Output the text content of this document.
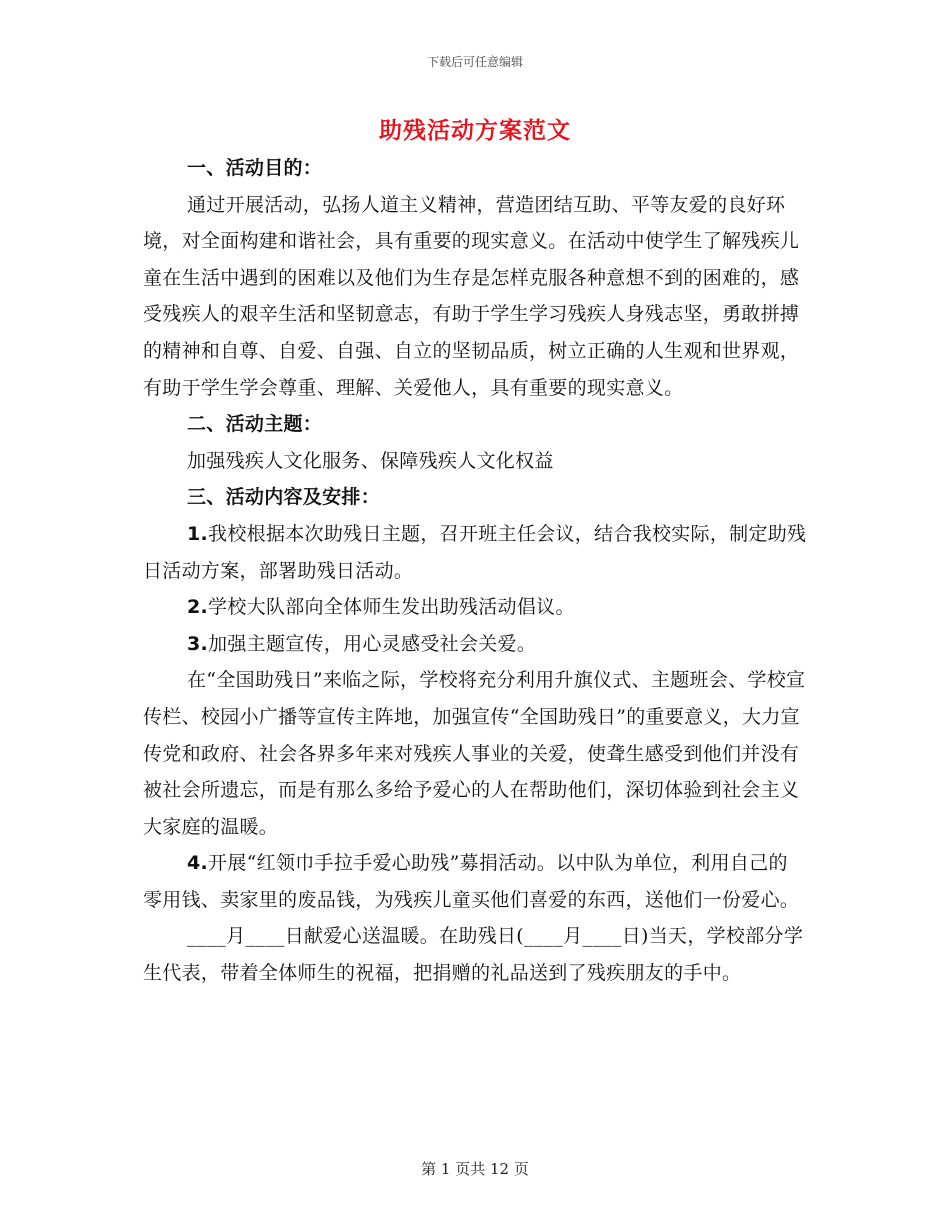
下载后可任意编辑
助残活动方案范文

一、活动目的：

通过开展活动，弘扬人道主义精神，营造团结互助、平等友爱的良好环境，对全面构建和谐社会，具有重要的现实意义。在活动中使学生了解残疾儿童在生活中遇到的困难以及他们为生存是怎样克服各种意想不到的困难的，感受残疾人的艰辛生活和坚韧意志，有助于学生学习残疾人身残志坚，勇敢拼搏的精神和自尊、自爱、自强、自立的坚韧品质，树立正确的人生观和世界观，有助于学生学会尊重、理解、关爱他人，具有重要的现实意义。

二、活动主题：

加强残疾人文化服务、保障残疾人文化权益

三、活动内容及安排：

1.我校根据本次助残日主题，召开班主任会议，结合我校实际，制定助残日活动方案，部署助残日活动。

2.学校大队部向全体师生发出助残活动倡议。

3.加强主题宣传，用心灵感受社会关爱。

在“全国助残日”来临之际，学校将充分利用升旗仪式、主题班会、学校宣传栏、校园小广播等宣传主阵地，加强宣传“全国助残日”的重要意义，大力宣传党和政府、社会各界多年来对残疾人事业的关爱，使聋生感受到他们并没有被社会所遗忘，而是有那么多给予爱心的人在帮助他们，深切体验到社会主义大家庭的温暖。

4.开展“红领巾手拉手爱心助残”募捐活动。以中队为单位，利用自己的零用钱、卖家里的废品钱，为残疾儿童买他们喜爱的东西，送他们一份爱心。

____月____日献爱心送温暖。在助残日(____月____日)当天，学校部分学生代表，带着全体师生的祝福，把捐赠的礼品送到了残疾朋友的手中。

第 1 页共 12 页
